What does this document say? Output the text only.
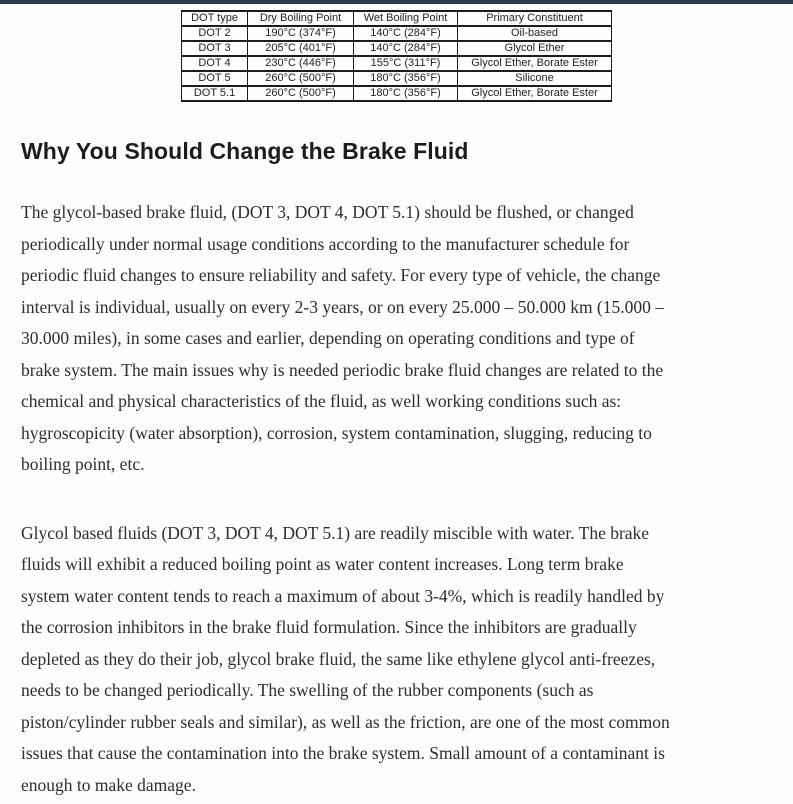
DOT type	Dry Boiling Point	Wet Boiling Point	Primary Constituent
DOT 2	190°C (374°F)	140°C (284°F)	Oil-based
DOT 3	205°C (401°F)	140°C (284°F)	Glycol Ether
DOT 4	230°C (446°F)	155°C (311°F)	Glycol Ether, Borate Ester
DOT 5	260°C (500°F)	180°C (356°F)	Silicone
DOT 5.1	260°C (500°F)	180°C (356°F)	Glycol Ether, Borate Ester
Why You Should Change the Brake Fluid
The glycol-based brake fluid, (DOT 3, DOT 4, DOT 5.1) should be flushed, or changed
periodically under normal usage conditions according to the manufacturer schedule for
periodic fluid changes to ensure reliability and safety. For every type of vehicle, the change
interval is individual, usually on every 2-3 years, or on every 25.000 – 50.000 km (15.000 –
30.000 miles), in some cases and earlier, depending on operating conditions and type of
brake system. The main issues why is needed periodic brake fluid changes are related to the
chemical and physical characteristics of the fluid, as well working conditions such as:
hygroscopicity (water absorption), corrosion, system contamination, slugging, reducing to
boiling point, etc.
Glycol based fluids (DOT 3, DOT 4, DOT 5.1) are readily miscible with water. The brake
fluids will exhibit a reduced boiling point as water content increases. Long term brake
system water content tends to reach a maximum of about 3-4%, which is readily handled by
the corrosion inhibitors in the brake fluid formulation. Since the inhibitors are gradually
depleted as they do their job, glycol brake fluid, the same like ethylene glycol anti-freezes,
needs to be changed periodically. The swelling of the rubber components (such as
piston/cylinder rubber seals and similar), as well as the friction, are one of the most common
issues that cause the contamination into the brake system. Small amount of a contaminant is
enough to make damage.
